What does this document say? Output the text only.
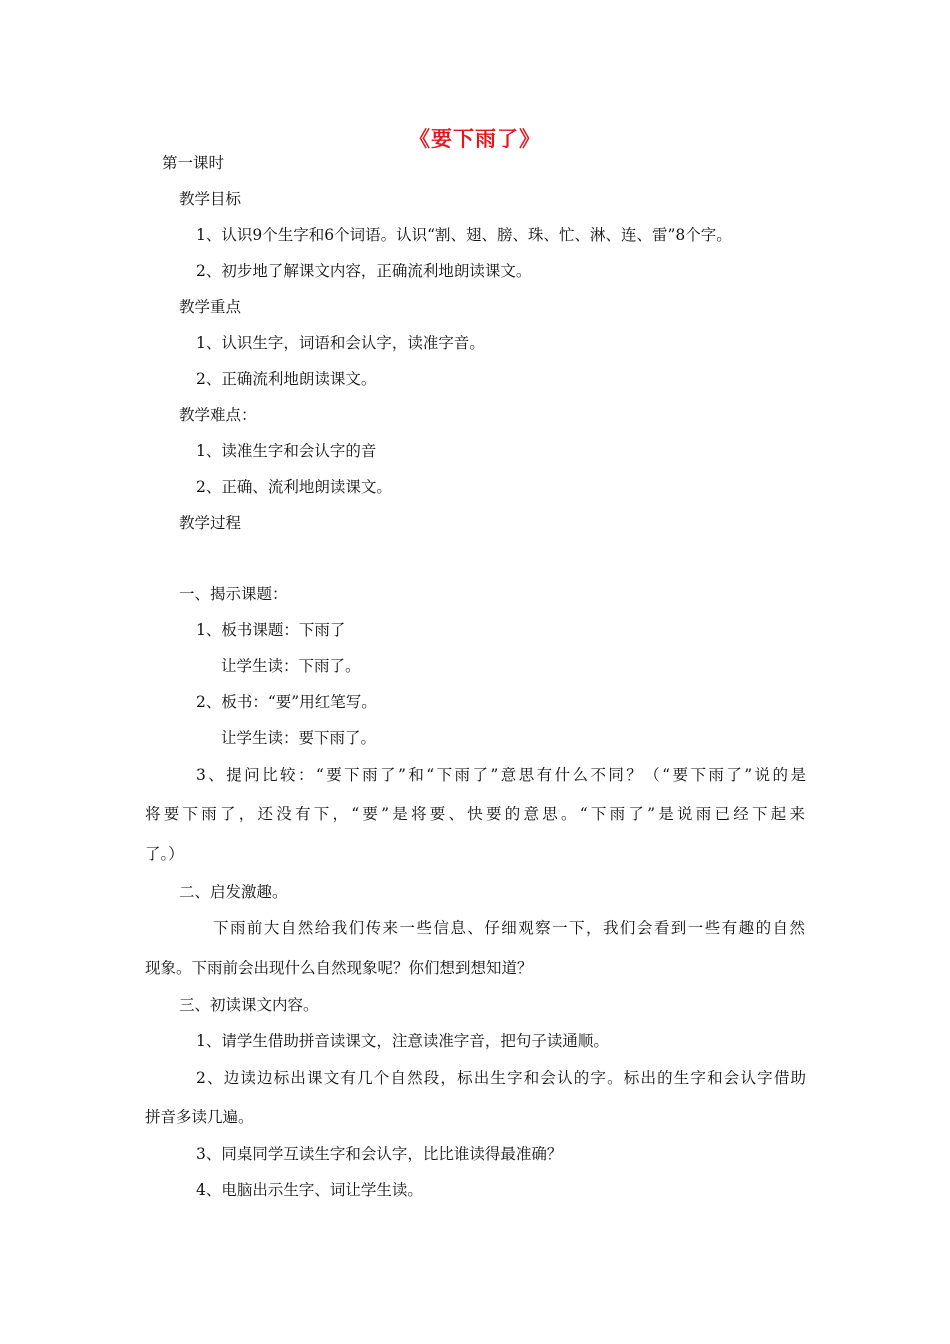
《要下雨了》
第一课时
教学目标
1、认识9个生字和6个词语。认识“割、翅、膀、珠、忙、淋、连、雷”8个字。
2、初步地了解课文内容，正确流利地朗读课文。
教学重点
1、认识生字，词语和会认字，读准字音。
2、正确流利地朗读课文。
教学难点：
1、读准生字和会认字的音
2、正确、流利地朗读课文。
教学过程
一、揭示课题：
1、板书课题：下雨了
让学生读：下雨了。
2、板书：“要”用红笔写。
让学生读：要下雨了。
3、提问比较：“要下雨了”和“下雨了”意思有什么不同？（“要下雨了”说的是
将要下雨了，还没有下，“要”是将要、快要的意思。“下雨了”是说雨已经下起来
了。）
二、启发激趣。
下雨前大自然给我们传来一些信息、仔细观察一下，我们会看到一些有趣的自然
现象。下雨前会出现什么自然现象呢？你们想到想知道？
三、初读课文内容。
1、请学生借助拼音读课文，注意读准字音，把句子读通顺。
2、边读边标出课文有几个自然段，标出生字和会认的字。标出的生字和会认字借助
拼音多读几遍。
3、同桌同学互读生字和会认字，比比谁读得最准确？
4、电脑出示生字、词让学生读。
